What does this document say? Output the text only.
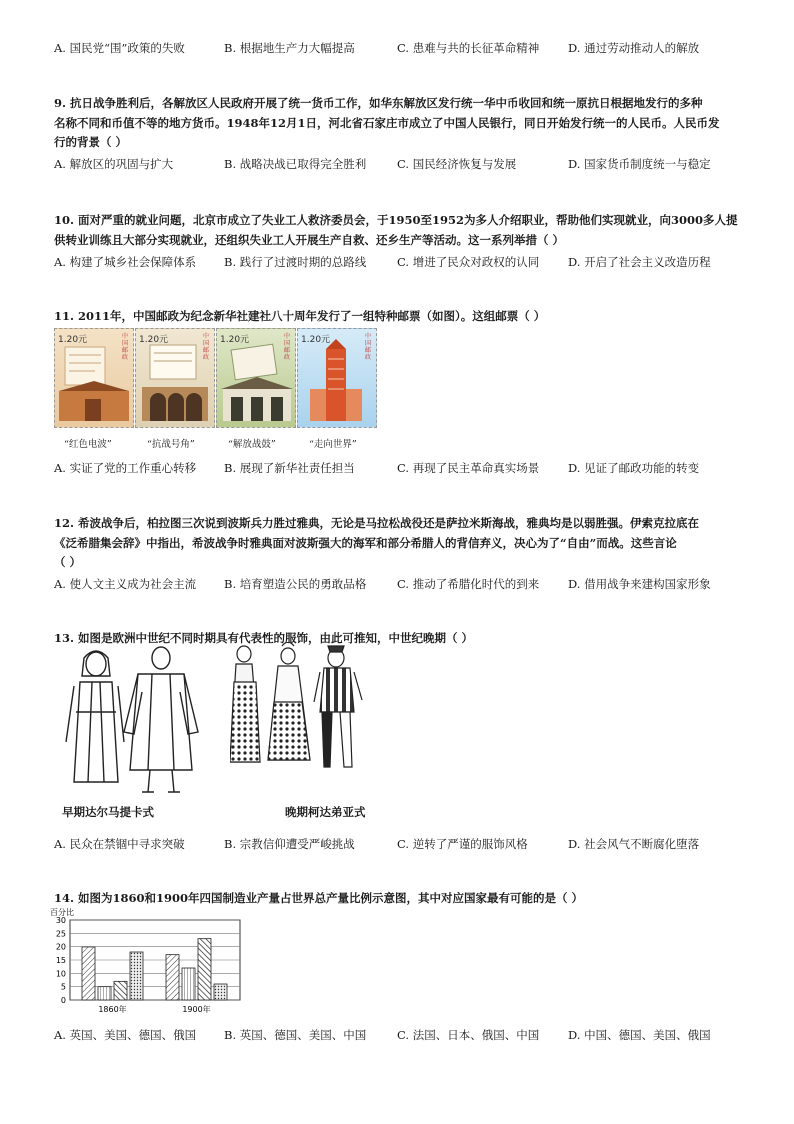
A. 国民党“围”政策的失败	B. 根据地生产力大幅提高	C. 患难与共的长征革命精神	D. 通过劳动推动人的解放
9. 抗日战争胜利后，各解放区人民政府开展了统一货币工作，如华东解放区发行统一华中币收回和统一原抗日根据地发行的多种
名称不同和币值不等的地方货币。1948年12月1日，河北省石家庄市成立了中国人民银行，同日开始发行统一的人民币。人民币发
行的背景（ ）
A. 解放区的巩固与扩大	B. 战略决战已取得完全胜利	C. 国民经济恢复与发展	D. 国家货币制度统一与稳定
10. 面对严重的就业问题，北京市成立了失业工人救济委员会，于1950至1952为多人介绍职业，帮助他们实现就业，向3000多人提
供转业训练且大部分实现就业，还组织失业工人开展生产自救、还乡生产等活动。这一系列举措（ ）
A. 构建了城乡社会保障体系 B. 践行了过渡时期的总路线	C. 增进了民众对政权的认同	D. 开启了社会主义改造历程
11. 2011年，中国邮政为纪念新华社建社八十周年发行了一组特种邮票（如图）。这组邮票（ ）
1.20元	中国邮政
1.20元	中国邮政
1.20元	中国邮政
1.20元	中国邮政
“红色电波”	“抗战号角”	“解放战鼓”	“走向世界”
A. 实证了党的工作重心转移 B. 展现了新华社责任担当	C. 再现了民主革命真实场景	D. 见证了邮政功能的转变
12. 希波战争后，柏拉图三次说到波斯兵力胜过雅典，无论是马拉松战役还是萨拉米斯海战，雅典均是以弱胜强。伊索克拉底在
《泛希腊集会辞》中指出，希波战争时雅典面对波斯强大的海军和部分希腊人的背信弃义，决心为了“自由”而战。这些言论
（ ）
A. 使人文主义成为社会主流 B. 培育塑造公民的勇敢品格	C. 推动了希腊化时代的到来	D. 借用战争来建构国家形象
13. 如图是欧洲中世纪不同时期具有代表性的服饰，由此可推知，中世纪晚期（ ）
早期达尔马提卡式	晚期柯达弟亚式
A. 民众在禁锢中寻求突破	B. 宗教信仰遭受严峻挑战	C. 逆转了严谨的服饰风格	D. 社会风气不断腐化堕落
14. 如图为1860和1900年四国制造业产量占世界总产量比例示意图，其中对应国家最有可能的是（ ）
百分比
0
5
10
15
20
25
30
1860年	1900年
A. 英国、美国、德国、俄国 B. 英国、德国、美国、中国	C. 法国、日本、俄国、中国	D. 中国、德国、美国、俄国
